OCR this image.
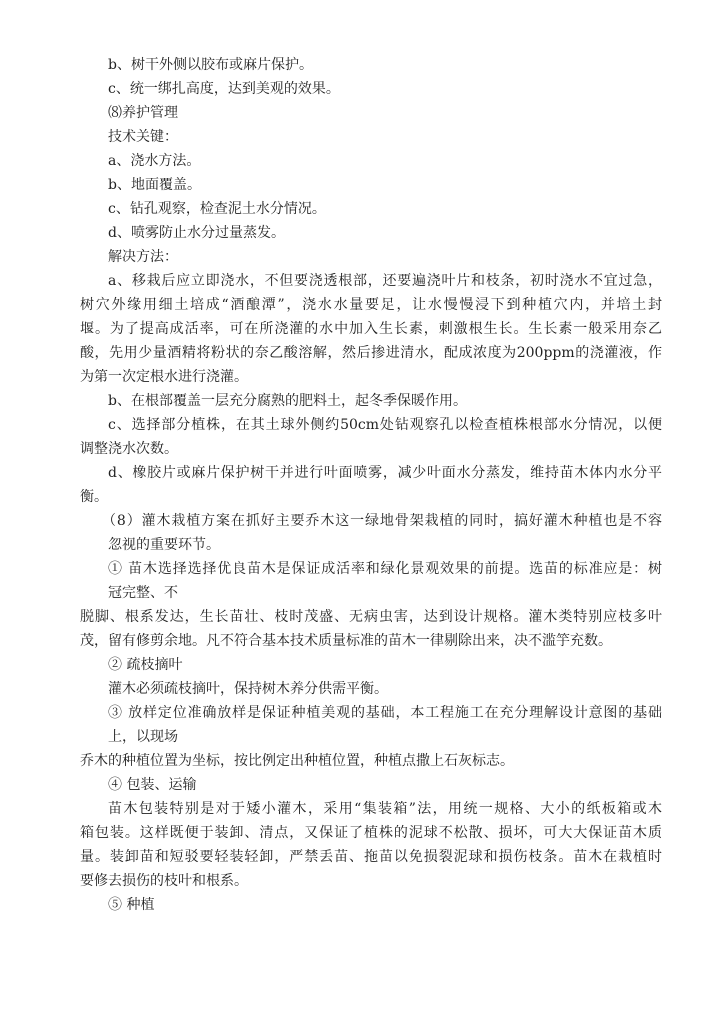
b、树干外侧以胶布或麻片保护。
c、统一绑扎高度，达到美观的效果。
⑻养护管理
技术关键：
a、浇水方法。
b、地面覆盖。
c、钻孔观察，检查泥土水分情况。
d、喷雾防止水分过量蒸发。
解决方法：
a、移栽后应立即浇水，不但要浇透根部，还要遍浇叶片和枝条，初时浇水不宜过急，
树穴外缘用细土培成“酒酿潭”，浇水水量要足，让水慢慢浸下到种植穴内，并培土封
堰。为了提高成活率，可在所浇灌的水中加入生长素，刺激根生长。生长素一般采用奈乙
酸，先用少量酒精将粉状的奈乙酸溶解，然后掺进清水，配成浓度为200ppm的浇灌液，作
为第一次定根水进行浇灌。
b、在根部覆盖一层充分腐熟的肥料土，起冬季保暖作用。
c、选择部分植株，在其土球外侧约50cm处钻观察孔以检查植株根部水分情况，以便
调整浇水次数。
d、橡胶片或麻片保护树干并进行叶面喷雾，减少叶面水分蒸发，维持苗木体内水分平
衡。
（8）灌木栽植方案在抓好主要乔木这一绿地骨架栽植的同时，搞好灌木种植也是不容
忽视的重要环节。
① 苗木选择选择优良苗木是保证成活率和绿化景观效果的前提。选苗的标准应是：树
冠完整、不
脱脚、根系发达，生长苗壮、枝时茂盛、无病虫害，达到设计规格。灌木类特别应枝多叶
茂，留有修剪余地。凡不符合基本技术质量标准的苗木一律剔除出来，决不滥竽充数。
② 疏枝摘叶
灌木必须疏枝摘叶，保持树木养分供需平衡。
③ 放样定位准确放样是保证种植美观的基础，本工程施工在充分理解设计意图的基础
上，以现场
乔木的种植位置为坐标，按比例定出种植位置，种植点撒上石灰标志。
④ 包装、运输
苗木包装特别是对于矮小灌木，采用“集装箱”法，用统一规格、大小的纸板箱或木
箱包装。这样既便于装卸、清点，又保证了植株的泥球不松散、损坏，可大大保证苗木质
量。装卸苗和短驳要轻装轻卸，严禁丢苗、拖苗以免损裂泥球和损伤枝条。苗木在栽植时
要修去损伤的枝叶和根系。
⑤ 种植
